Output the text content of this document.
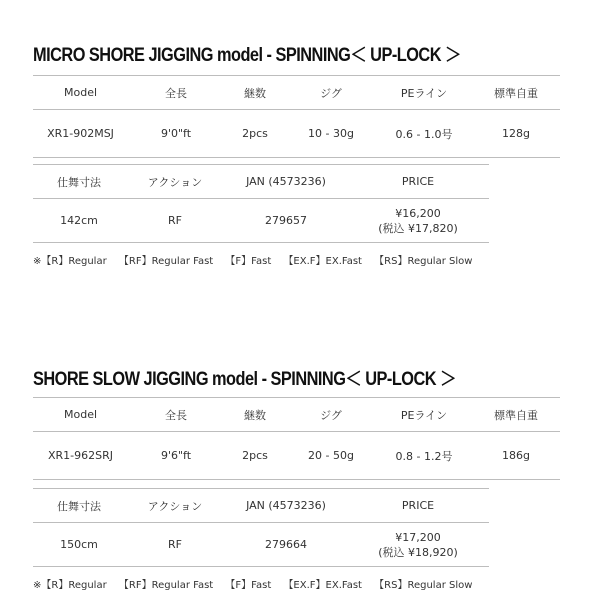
MICRO SHORE JIGGING model - SPINNING＜ UP-LOCK ＞
Model	全長	継数	ジグ	PEライン	標準自重
XR1-902MSJ	9'0"ft	2pcs	10 - 30g	0.6 - 1.0号	128g
仕舞寸法	アクション	JAN (4573236)	PRICE
142cm	RF	279657	¥16,200
(税込 ¥17,820)
※【R】Regular 【RF】Regular Fast 【F】Fast 【EX.F】EX.Fast 【RS】Regular Slow
SHORE SLOW JIGGING model - SPINNING＜ UP-LOCK ＞
Model	全長	継数	ジグ	PEライン	標準自重
XR1-962SRJ	9'6"ft	2pcs	20 - 50g	0.8 - 1.2号	186g
仕舞寸法	アクション	JAN (4573236)	PRICE
150cm	RF	279664	¥17,200
(税込 ¥18,920)
※【R】Regular 【RF】Regular Fast 【F】Fast 【EX.F】EX.Fast 【RS】Regular Slow
